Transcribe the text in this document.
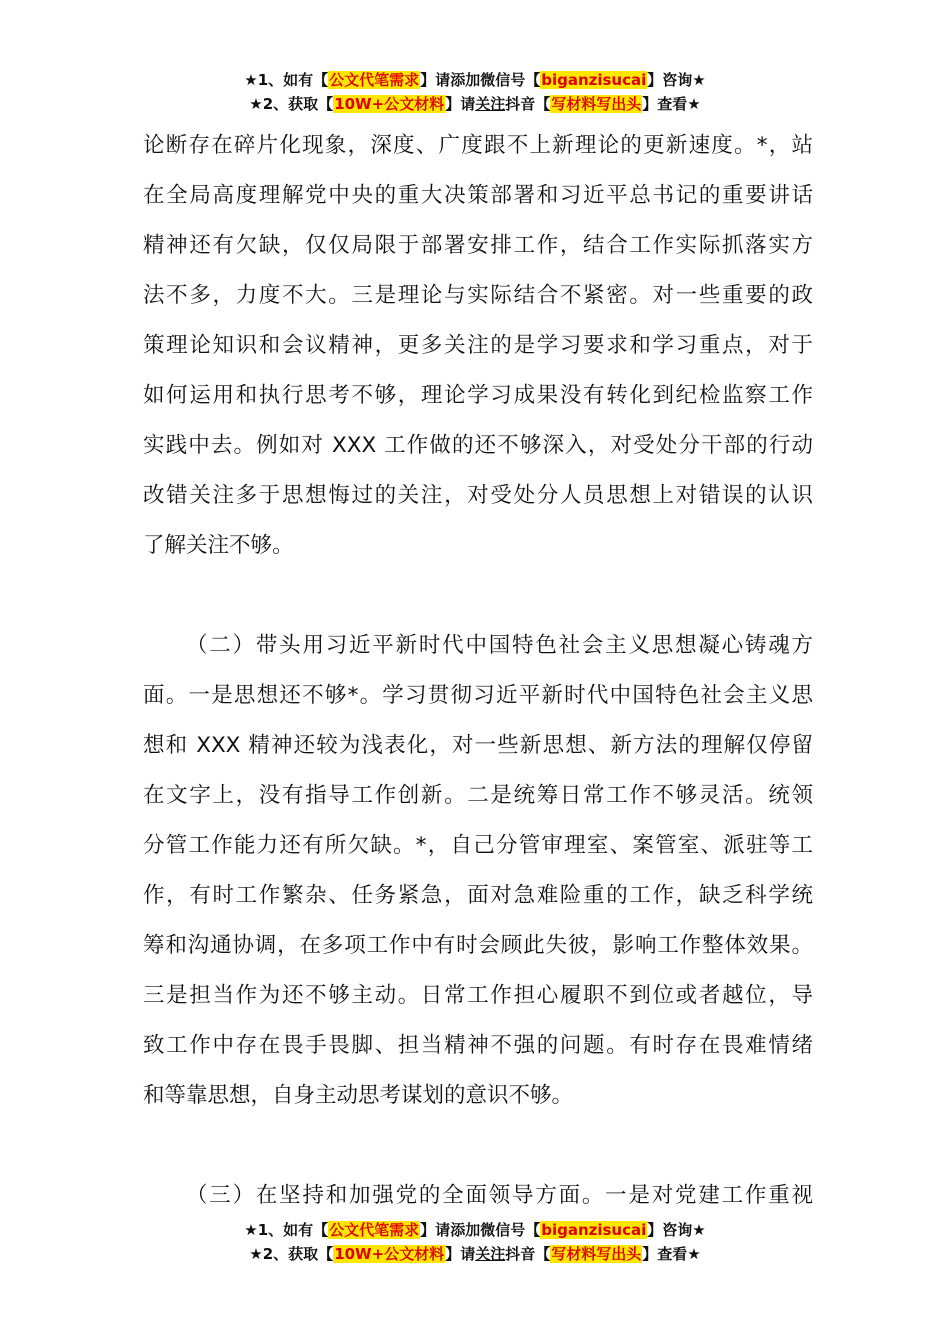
★1、如有【公文代笔需求】请添加微信号【biganzisucai】咨询★
★2、获取【10W+公文材料】请关注抖音【写材料写出头】查看★
论断存在碎片化现象，深度、广度跟不上新理论的更新速度。*，站
在全局高度理解党中央的重大决策部署和习近平总书记的重要讲话
精神还有欠缺，仅仅局限于部署安排工作，结合工作实际抓落实方
法不多，力度不大。三是理论与实际结合不紧密。对一些重要的政
策理论知识和会议精神，更多关注的是学习要求和学习重点，对于
如何运用和执行思考不够，理论学习成果没有转化到纪检监察工作
实践中去。例如对 XXX 工作做的还不够深入，对受处分干部的行动
改错关注多于思想悔过的关注，对受处分人员思想上对错误的认识
了解关注不够。
（二）带头用习近平新时代中国特色社会主义思想凝心铸魂方
面。一是思想还不够*。学习贯彻习近平新时代中国特色社会主义思
想和 XXX 精神还较为浅表化，对一些新思想、新方法的理解仅停留
在文字上，没有指导工作创新。二是统筹日常工作不够灵活。统领
分管工作能力还有所欠缺。*，自己分管审理室、案管室、派驻等工
作，有时工作繁杂、任务紧急，面对急难险重的工作，缺乏科学统
筹和沟通协调，在多项工作中有时会顾此失彼，影响工作整体效果。
三是担当作为还不够主动。日常工作担心履职不到位或者越位，导
致工作中存在畏手畏脚、担当精神不强的问题。有时存在畏难情绪
和等靠思想，自身主动思考谋划的意识不够。
（三）在坚持和加强党的全面领导方面。一是对党建工作重视
★1、如有【公文代笔需求】请添加微信号【biganzisucai】咨询★
★2、获取【10W+公文材料】请关注抖音【写材料写出头】查看★
